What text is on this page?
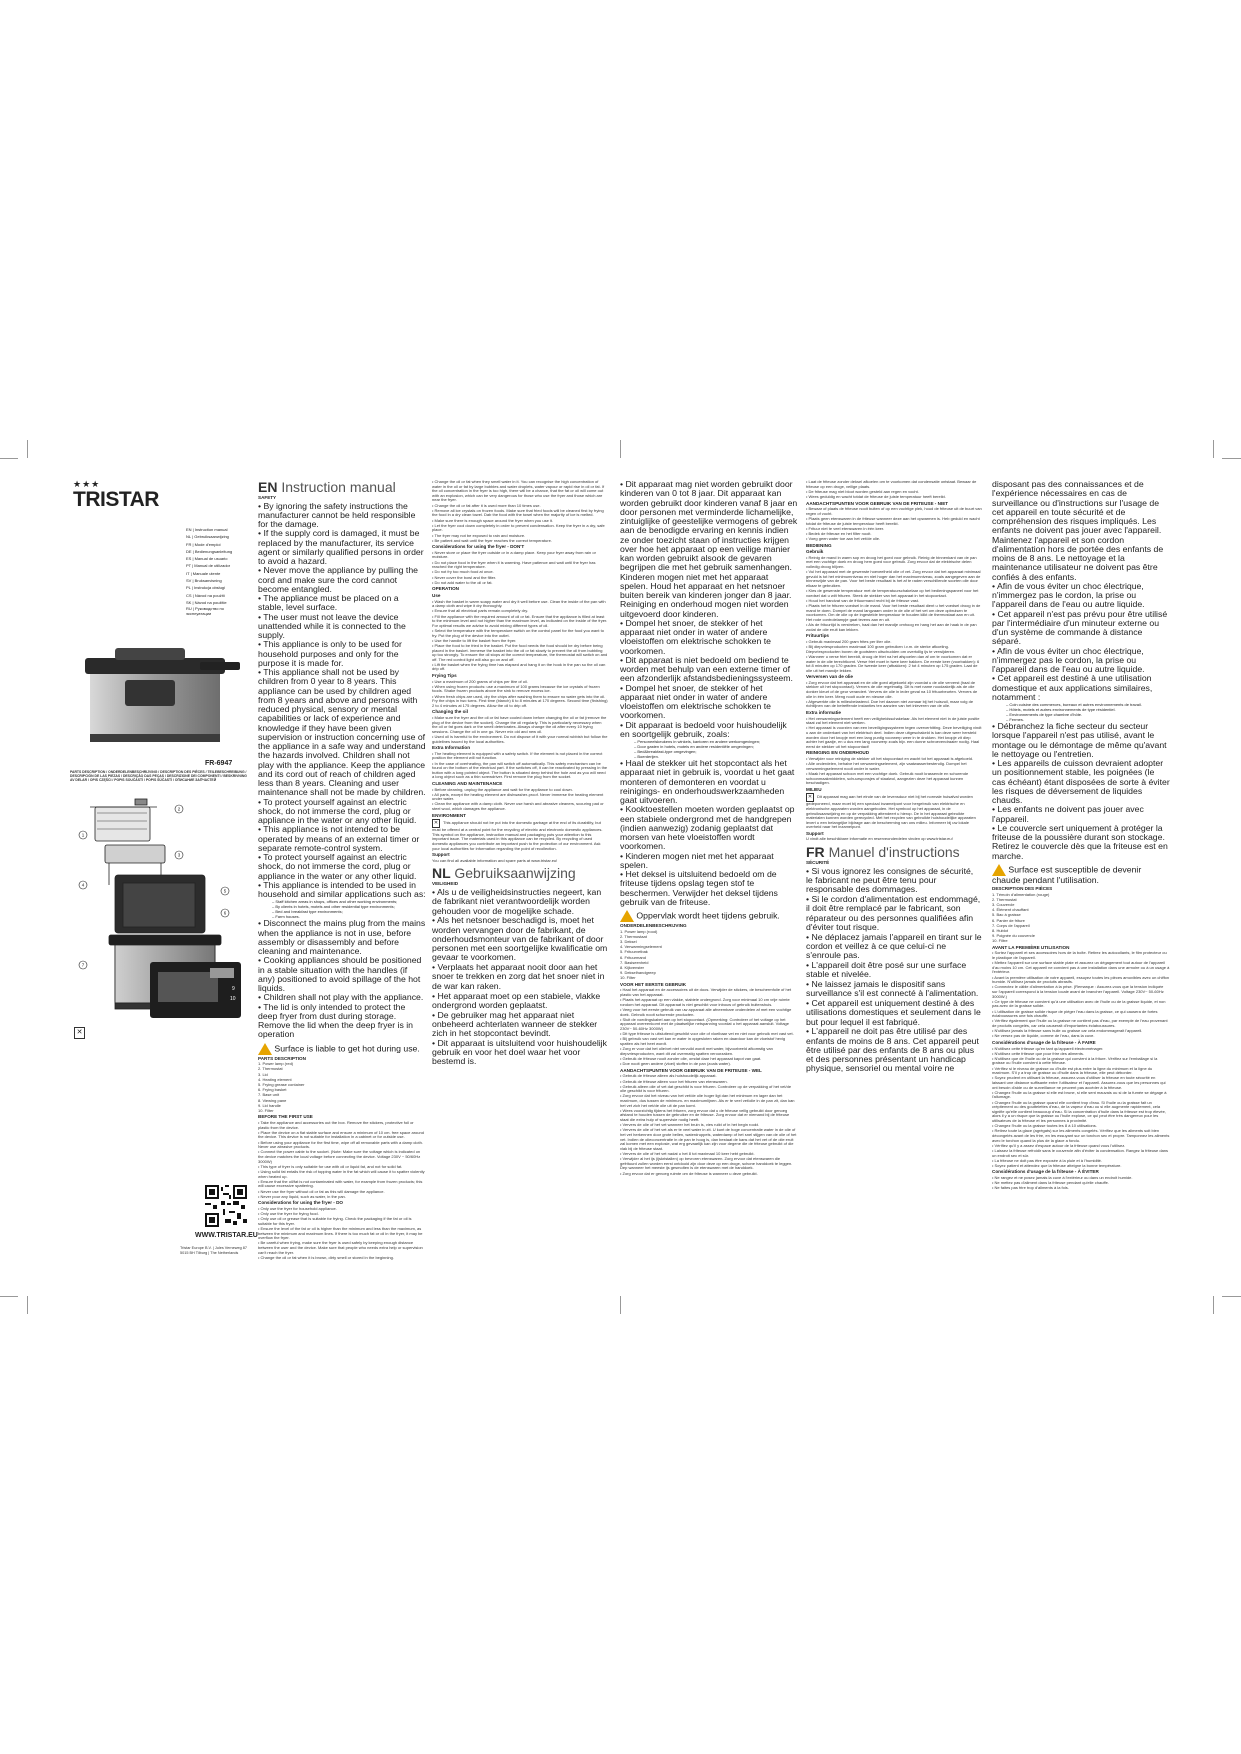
★★★
TRISTAR
EN | Instruction manual
NL | Gebruiksaanwijzing
FR | Mode d'emploi
DE | Bedienungsanleitung
ES | Manual de usuario
PT | Manual de utilizador
IT | Manuale utente
SV | Bruksanvisning
PL | Instrukcja obsługi
CS | Návod na použití
SK | Návod na použitie
RU | Руководство по эксплуатации
FR-6947
PARTS DESCRIPTION / ONDERDELENBESCHRIJVING / DESCRIPTION DES PIÈCES / TEILEBESCHREIBUNG / DESCRIPCIÓN DE LAS PIEZAS / DESCRIÇÃO DAS PEÇAS / DESCRIZIONE DEI COMPONENTI / BESKRIVNING AV DELAR / OPIS CZĘŚCI / POPIS SOUČÁSTÍ / POPIS SÚČASTÍ / ОПИСАНИЕ ЗАПЧАСТЕЙ
1
2
3
4
5
6
7
9
10
✕
WWW.TRISTAR.EU
Tristar Europe B.V. | Jules Verneweg 87 5015 BH Tilburg | The Netherlands
EN Instruction manual
SAFETY

• By ignoring the safety instructions the manufacturer cannot be held responsible for the damage.

• If the supply cord is damaged, it must be replaced by the manufacturer, its service agent or similarly qualified persons in order to avoid a hazard.

• Never move the appliance by pulling the cord and make sure the cord cannot become entangled.

• The appliance must be placed on a stable, level surface.

• The user must not leave the device unattended while it is connected to the supply.

• This appliance is only to be used for household purposes and only for the purpose it is made for.

• This appliance shall not be used by children from 0 year to 8 years. This appliance can be used by children aged from 8 years and above and persons with reduced physical, sensory or mental capabilities or lack of experience and knowledge if they have been given supervision or instruction concerning use of the appliance in a safe way and understand the hazards involved. Children shall not play with the appliance. Keep the appliance and its cord out of reach of children aged less than 8 years. Cleaning and user maintenance shall not be made by children.

• To protect yourself against an electric shock, do not immerse the cord, plug or appliance in the water or any other liquid.

• This appliance is not intended to be operated by means of an external timer or separate remote-control system.

• To protect yourself against an electric shock, do not immerse the cord, plug or appliance in the water or any other liquid.

• This appliance is intended to be used in household and similar applications such as:

– Staff kitchen areas in shops, offices and other working environments;

– By clients in hotels, motels and other residential type environments;

– Bed and breakfast type environments;

– Farm houses.

• Disconnect the mains plug from the mains when the appliance is not in use, before assembly or disassembly and before cleaning and maintenance.

• Cooking appliances should be positioned in a stable situation with the handles (if any) positioned to avoid spillage of the hot liquids.

• Children shall not play with the appliance.

• The lid is only intended to protect the deep fryer from dust during storage. Remove the lid when the deep fryer is in operation

Surface is liable to get hot during use.

PARTS DESCRIPTION

1. Power lamp (red)

2. Thermostat

3. Lid

4. Heating element

5. Frying grease container

6. Frying basket

7. Base unit

8. Viewing pane

9. Lid handle

10. Filter

BEFORE THE FIRST USE

• Take the appliance and accessories out the box. Remove the stickers, protective foil or plastic from the device.

• Place the device on a flat stable surface and ensure a minimum of 10 cm. free space around the device. This device is not suitable for installation in a cabinet or for outside use.

• Before using your appliance for the first time, wipe off all removable parts with a damp cloth. Never use abrasive products.

• Connect the power cable to the socket. (Note: Make sure the voltage which is indicated on the device matches the local voltage before connecting the device. Voltage 230V ~ 50/60Hz 3000W)

• This type of fryer is only suitable for use with oil or liquid fat, and not for solid fat.

• Using solid fat entails the risk of topping water in the fat which will cause it to spatter violently when heated up.

• Ensure that the oil/fat is not contaminated with water, for example from frozen products; this will cause excessive spattering.

• Never use the fryer without oil or fat as this will damage the appliance.

• Never pour any liquid, such as water, in the pan.

Considerations for using the fryer - DO

• Only use the fryer for household appliance.

• Only use the fryer for frying food.

• Only use oil or grease that is suitable for frying. Check the packaging if the fat or oil is suitable for this fryer.

• Ensure the level of the fat or oil is higher than the minimum and less than the maximum, as between the minimum and maximum lines. If there is too much fat or oil in the fryer, it may be overflow the fryer.

• Be careful when frying, make sure the fryer is used safely by keeping enough distance between the user and the device. Make sure that people who needs extra help or supervision can't reach the fryer.

• Change the oil or fat when it is brown, dirty smell or stored in the beginning.

• Change the oil or fat when they smell water in it. You can recognise the high concentration of water in the oil or fat by large bubbles and water droplets, water vapour or rapid rise in oil or fat. If the oil concentration in the fryer is too high, there will be a chance, that the fat or oil will come out with an explosion, which can be very dangerous for those who use the fryer and those which are near the fryer.

• Change the oil or fat after it is used more than 10 times use.

• Remove all ice crystals on frozen foods. Make sure that fried foods will be cleaned first by frying the food in a dry clean towel. Dab the food with the towel when the majority of ice is melted.

• Make sure there is enough space around the fryer when you use it.

• Let the fryer cool down completely in order to prevent condensation. Keep the fryer in a dry, safe place.

• The fryer may not be exposed to rain and moisture.

• Be patient and wait until the fryer reaches the correct temperature.

Considerations for using the fryer - DON'T

• Never store or place the fryer outside or in a damp place. Keep your fryer away from rain or moisture.

• Do not place food in the fryer when it is warming. Have patience and wait until the fryer has reached the right temperature.

• Do not fry too much food at once.

• Never cover the bowl and the filter.

• Do not add water to the oil or fat.

OPERATION
Use

• Wash the basket in warm soapy water and dry it well before use. Clean the inside of the pan with a damp cloth and wipe it dry thoroughly.

• Ensure that all electrical parts remain completely dry.

• Fill the appliance with the required amount of oil or fat. Ensure that the appliance is filled at least to the minimum level and not higher than the maximum level, as indicated on the inside of the fryer. For optimal results we advise to avoid mixing different types of oil.

• Select the temperature with the temperature switch on the control panel for the food you want to fry. Put the plug of the device into the outlet.

• Use the handle to lift the basket from the fryer.

• Place the food to be fried in the basket. Put the food needs the food should be dry before being placed in the basket. Immerse the basket into the oil or fat slowly to prevent the oil from bubbling up too strongly. To ensure the oil stops at the correct temperature, the thermostat will switch on and off. The red control light will also go on and off.

• Lift the basket when the frying time has elapsed and hang it on the hook in the pan so the oil can drip off.

Frying Tips

• Use a maximum of 200 grams of chips per litre of oil.

• When using frozen products: use a maximum of 100 grams because the ice crystals of frozen foods. Shake frozen products above the sink to remove excess ice.

• When fresh chips are used, dry the chips after washing them to ensure no water gets into the oil. Fry the chips in two turns. First time (blanch) 6 to 8 minutes at 170 degrees. Second time (finishing) 2 to 4 minutes at 175 degrees. Allow the oil to drip off.

Changing the oil

• Make sure the fryer and the oil or fat have cooled down before changing the oil or fat (remove the plug of the device from the socket). Change the oil regularly. This is particularly necessary when the oil or fat goes dark or the smell deteriorates. Always change the oil after every 10 frying sessions. Change the oil in one go. Never mix old and new oil.

• Used oil is harmful to the environment. Do not dispose of it with your normal rubbish but follow the guidelines issued by the local authorities.

Extra Information

• The heating element is equipped with a safety switch. If the element is not placed in the correct position the element will not function.

• In the case of overheating, the pan will switch off automatically. This safety mechanism can be found on the bottom of the electrical part. If the switches off, it can be reactivated by pressing in the button with a long pointed object. The button is situated deep behind the hole and as you will need a long object such as a thin screwdriver. First remove the plug from the socket.

CLEANING AND MAINTENANCE

• Before cleaning, unplug the appliance and wait for the appliance to cool down.

• All parts, except the heating element are dishwasher-proof. Never immerse the heating element under water.

• Clean the appliance with a damp cloth. Never use harsh and abrasive cleaners, scouring pad or steel wool, which damages the appliance.

ENVIRONMENT

✕ This appliance should not be put into the domestic garbage at the end of its durability, but must be offered at a central point for the recycling of electric and electronic domestic appliances. This symbol on the appliance, instruction manual and packaging puts your attention to this important issue. The materials used in this appliance can be recycled. By recycling of used domestic appliances you contribute an important push to the protection of our environment. Ask your local authorities for information regarding the point of recollection.

Support

You can find all available information and spare parts at www.tristar.eu!

NL Gebruiksaanwijzing
VEILIGHEID

• Als u de veiligheidsinstructies negeert, kan de fabrikant niet verantwoordelijk worden gehouden voor de mogelijke schade.

• Als het netsnoer beschadigd is, moet het worden vervangen door de fabrikant, de onderhoudsmonteur van de fabrikant of door personen met een soortgelijke kwalificatie om gevaar te voorkomen.

• Verplaats het apparaat nooit door aan het snoer te trekken en zorg dat het snoer niet in de war kan raken.

• Het apparaat moet op een stabiele, vlakke ondergrond worden geplaatst.

• De gebruiker mag het apparaat niet onbeheerd achterlaten wanneer de stekker zich in het stopcontact bevindt.

• Dit apparaat is uitsluitend voor huishoudelijk gebruik en voor het doel waar het voor bestemd is.

• Dit apparaat mag niet worden gebruikt door kinderen van 0 tot 8 jaar. Dit apparaat kan worden gebruikt door kinderen vanaf 8 jaar en door personen met verminderde lichamelijke, zintuiglijke of geestelijke vermogens of gebrek aan de benodigde ervaring en kennis indien ze onder toezicht staan of instructies krijgen over hoe het apparaat op een veilige manier kan worden gebruikt alsook de gevaren begrijpen die met het gebruik samenhangen. Kinderen mogen niet met het apparaat spelen. Houd het apparaat en het netsnoer buiten bereik van kinderen jonger dan 8 jaar. Reiniging en onderhoud mogen niet worden uitgevoerd door kinderen.

• Dompel het snoer, de stekker of het apparaat niet onder in water of andere vloeistoffen om elektrische schokken te voorkomen.

• Dit apparaat is niet bedoeld om bediend te worden met behulp van een externe timer of een afzonderlijk afstandsbedieningssysteem.

• Dompel het snoer, de stekker of het apparaat niet onder in water of andere vloeistoffen om elektrische schokken te voorkomen.

• Dit apparaat is bedoeld voor huishoudelijk en soortgelijk gebruik, zoals:

– Personeelskeukens in winkels, kantoren en andere werkomgevingen;

– Door gasten in hotels, motels en andere residentiële omgevingen;

– Bed&breakfast-type omgevingen;

– Boerderijen.

• Haal de stekker uit het stopcontact als het apparaat niet in gebruik is, voordat u het gaat monteren of demonteren en voordat u reinigings- en onderhoudswerkzaamheden gaat uitvoeren.

• Kooktoestellen moeten worden geplaatst op een stabiele ondergrond met de handgrepen (indien aanwezig) zodanig geplaatst dat morsen van hete vloeistoffen wordt voorkomen.

• Kinderen mogen niet met het apparaat spelen.

• Het deksel is uitsluitend bedoeld om de friteuse tijdens opslag tegen stof te beschermen. Verwijder het deksel tijdens gebruik van de friteuse.

Oppervlak wordt heet tijdens gebruik.

ONDERDELENBESCHRIJVING

1. Power lamp (rood)

2. Thermostaat

3. Deksel

4. Verwarmingselement

5. Frituurvetbak

6. Frituurmand

7. Basiseenheid

8. Kijkvenster

9. Dekselhandgreep

10. Filter

VOOR HET EERSTE GEBRUIK

• Haal het apparaat en de accessoires uit de doos. Verwijder de stickers, de beschermfolie of het plastic van het apparaat.

• Plaats het apparaat op een vlakke, stabiele ondergrond. Zorg voor minimaal 10 cm vrije ruimte rondom het apparaat. Dit apparaat is niet geschikt voor inbouw of gebruik buitenshuis.

• Veeg voor het eerste gebruik van uw apparaat alle afneembare onderdelen af met een vochtige doek. Gebruik nooit schurende producten.

• Sluit de voedingskabel aan op het stopcontact. (Opmerking: Controleer of het voltage op het apparaat overeenkomt met de plaatselijke netspanning voordat u het apparaat aansluit. Voltage 230V~ 50-60Hz 3000W)

• Dit type friteuse is uitsluitend geschikt voor olie of vloeibaar vet en niet voor gebruik met vast vet.

• Bij gebruik van vast vet kan er water in opgesloten raken en daardoor kan de vloeistof hevig spatten als het heet wordt.

• Zorg er voor dat het olie/vet niet vervuild wordt met water, bijvoorbeeld afkomstig van diepvriesproducten, want dit zal overmatig spatten veroorzaken.

• Gebruik de friteuse nooit zonder olie, omdat daar het apparaat kapot van gaat.

• Doe nooit geen andere (vloei) stoffen in de pan (zoals water).

AANDACHTSPUNTEN VOOR GEBRUIK VAN DE FRITEUSE - WEL

• Gebruik de friteuse alleen als huishoudelijk apparaat.

• Gebruik de friteuse alleen voor het frituren van etenswaren.

• Gebruik alleen olie of vet dat geschikt is voor frituren. Controleer op de verpakking of het vet/de olie geschikt is voor frituren.

• Zorg ervoor dat het niveau van het vet/de olie hoger ligt dan het minimum en lager dan het maximum, dus tussen de minimum- en maximumlijnen. Als er te veel vet/olie in de pan zit, dan kan het vet zich het vet/de olie uit de pan komt.

• Wees voorzichtig tijdens het frituren, zorg ervoor dat u de friteuse veilig gebruikt door genoeg afstand te houden tussen de gebruiker en de friteuse. Zorg ervoor dat er niemand bij de friteuse staat die extra hulp of supervisie nodig heeft.

• Ververs de olie of het vet wanneer het bruin is, vies ruikt of in het begin rookt.

• Ververs de olie of het vet als er te veel water in zit. U kunt de hoge concentratie water in de olie of het vet herkennen door grote bellen, waterdruppels, waterdamp of het snel stijgen van de olie of het vet. Indien de olieconcentratie in de pan te hoog is, dan bestaat de kans dat het vet of de olie eruit zal komen met een explosie, wat erg gevaarlijk kan zijn voor degene die de friteuse gebruikt of die vlak bij de friteuse staat.

• Ververs de olie of het vet nadat u het 8 tot maximaal 10 keer hebt gebruikt.

• Verwijder al het ijs (ijskristallen) op bevroren etenswaren. Zorg ervoor dat etenswaren die gefrituurd zullen worden eerst ontdooid zijn door deze op een droge, schone handdoek te leggen. Dep wanneer het meeste ijs gesmolten is de etenswaren met de handdoek.

• Zorg ervoor dat er genoeg ruimte om de friteuse is wanneer u deze gebruikt.

• Laat de friteuse zonder deksel afkoelen om te voorkomen dat condensatie ontstaat. Bewaar de friteuse op een droge, veilige plaats.

• De friteuse mag niet bloot worden gesteld aan regen en vocht.

• Wees geduldig en wacht totdat de friteuse de juiste temperatuur heeft bereikt.

AANDACHTSPUNTEN VOOR GEBRUIK VAN DE FRITEUSE - NIET

• Bewaar of plaats de friteuse nooit buiten of op een vochtige plek, houd de friteuse uit de buurt van regen of vocht.

• Plaats geen etenswaren in de friteuse wanneer deze aan het opwarmen is. Heb geduld en wacht totdat de friteuse de juiste temperatuur heeft bereikt.

• Frituur niet te veel etenswaren in één keer.

• Bedek de friteuse en het filter nooit.

• Voeg geen water toe aan het vet/de olie.

BEDIENING
Gebruik

• Reinig de mand in warm sop en droog het goed voor gebruik. Reinig de binnenkant van de pan met een vochtige doek en droog hem goed voor gebruik. Zorg ervoor dat de elektrische delen volledig droog blijven.

• Vul het apparaat met de gewenste hoeveelheid olie of vet. Zorg ervoor dat het apparaat minimaal gevuld is tot het minimumniveau en niet hoger dan het maximumniveau, zoals aangegeven aan de binnenzijde van de pan. Voor het beste resultaat is het af te raden verschillende soorten olie door elkaar te gebruiken.

• Kies de gewenste temperatuur met de temperatuurschakelaar op het bedieningspaneel voor het voedsel dat u wilt frituren. Steek de stekker van het apparaat in het stopcontact.

• Houd het handvat van de frituurmand recht bij de friteuse vast.

• Plaats het te frituren voedsel in de mand. Voor het beste resultaat dient u het voedsel droog in de mand te doen. Dompel de mand langzaam onder in de olie of het vet om deze opbruisen te voorkomen. Om de olie op de ingestelde temperatuur te houden klikt de thermostaat aan en uit. Het rode controlelampje gaat tevens aan en uit.

• Als de frituurtijd is verstreken, haal dan het mandje omhoog en hang het aan de haak in de pan zodat de olie eruit kan lekken.

Frituurtips

• Gebruik maximaal 200 gram frites per liter olie.

• Bij diepvriesproducten maximaal 100 gram gebruiken i.v.m. de sterke afkoeling. Diepvriesproducten boven de gootsteen uitschudden om overtollig ijs te verwijderen.

• Wanneer u verse friet bereidt, droog de friet na het afspoelen dan af om te voorkomen dat er water in de olie terechtkomt. Verse friet moet in twee keer bakken. De eerste keer (voorbakken): 6 tot 8 minuten op 170 graden. De tweede keer (afbakken): 2 tot 4 minuten op 175 graden. Laat de olie uit het mandje lekken.

Verversen van de olie

• Zorg ervoor dat het apparaat en de olie goed afgekoeld zijn voordat u de olie ververst (haal de stekker uit het stopcontact). Ververs de olie regelmatig. Dit is met name noodzakelijk als de olie donker kleurt of de geur verandert. Ververs de olie in ieder geval na 10 frituurbeurten. Ververs de olie in één keer. Meng nooit oude en nieuwe olie.

• Afgewerkte olie is milieubelastend. Doe het daarom niet zomaar bij het huisvuil, maar volg de richtlijnen van de betreffende instanties ten aanzien van het inleveren van de olie.

Extra informatie

• Het verwarmingselement heeft een veiligheidsschakelaar. Als het element niet in de juiste positie staat zal het element niet werken.

• Het apparaat is voorzien van een beveiligingssysteem tegen oververhitting. Deze beveiliging vindt u aan de onderkant van het elektrisch deel. Indien deze uitgeschakeld is kan deze weer hersteld worden door het knopje met een lang puntig voorwerp weer in te drukken. Het knopje zit diep achter het gaatje, en u dus een lang voorwerp zoals bijv. een dunne schroevendraaier nodig. Haal eerst de stekker uit het stopcontact!

REINIGING EN ONDERHOUD

• Verwijder voor reiniging de stekker uit het stopcontact en wacht tot het apparaat is afgekoeld.

• Alle onderdelen, behalve het verwarmingselement, zijn vaatwasserbestendig. Dompel het verwarmingselement nooit onder in water.

• Maak het apparaat schoon met een vochtige doek. Gebruik nooit krassende en schurende schoonmaakmiddelen, schuursponsjes of staalwol, aangezien deze het apparaat kunnen beschadigen.

MILIEU

✕ Dit apparaat mag aan het einde van de levensduur niet bij het normale huisafval worden gedeponeerd, maar moet bij een speciaal inzamelpunt voor hergebruik van elektrische en elektronische apparaten worden aangeboden. Het symbool op het apparaat, in de gebruiksaanwijzing en op de verpakking attendeert u hierop. De in het apparaat gebruikte materialen kunnen worden gerecycled. Met het recyclen van gebruikte huishoudelijke apparaten levert u een belangrijke bijdrage aan de bescherming van ons milieu. Informeer bij uw lokale overheid naar het inzamelpunt.

Support

U vindt alle beschikbare informatie en reserveonderdelen vinden op www.tristar.eu!

FR Manuel d'instructions
SÉCURITÉ

• Si vous ignorez les consignes de sécurité, le fabricant ne peut être tenu pour responsable des dommages.

• Si le cordon d'alimentation est endommagé, il doit être remplacé par le fabricant, son réparateur ou des personnes qualifiées afin d'éviter tout risque.

• Ne déplacez jamais l'appareil en tirant sur le cordon et veillez à ce que celui-ci ne s'enroule pas.

• L'appareil doit être posé sur une surface stable et nivelée.

• Ne laissez jamais le dispositif sans surveillance s'il est connecté à l'alimentation.

• Cet appareil est uniquement destiné à des utilisations domestiques et seulement dans le but pour lequel il est fabriqué.

• L'appareil ne doit pas être utilisé par des enfants de moins de 8 ans. Cet appareil peut être utilisé par des enfants de 8 ans ou plus et des personnes présentant un handicap physique, sensoriel ou mental voire ne

disposant pas des connaissances et de l'expérience nécessaires en cas de surveillance ou d'instructions sur l'usage de cet appareil en toute sécurité et de compréhension des risques impliqués. Les enfants ne doivent pas jouer avec l'appareil. Maintenez l'appareil et son cordon d'alimentation hors de portée des enfants de moins de 8 ans. Le nettoyage et la maintenance utilisateur ne doivent pas être confiés à des enfants.

• Afin de vous éviter un choc électrique, n'immergez pas le cordon, la prise ou l'appareil dans de l'eau ou autre liquide.

• Cet appareil n'est pas prévu pour être utilisé par l'intermédiaire d'un minuteur externe ou d'un système de commande à distance séparé.

• Afin de vous éviter un choc électrique, n'immergez pas le cordon, la prise ou l'appareil dans de l'eau ou autre liquide.

• Cet appareil est destiné à une utilisation domestique et aux applications similaires, notamment :

– Coin cuisine des commerces, bureaux et autres environnements de travail.

– Hôtels, motels et autres environnements de type résidentiel.

– Environnements de type chambre d'hôte.

– Fermes.

• Débranchez la fiche secteur du secteur lorsque l'appareil n'est pas utilisé, avant le montage ou le démontage de même qu'avant le nettoyage ou l'entretien.

• Les appareils de cuisson devraient adopter un positionnement stable, les poignées (le cas échéant) étant disposées de sorte à éviter les risques de déversement de liquides chauds.

• Les enfants ne doivent pas jouer avec l'appareil.

• Le couvercle sert uniquement à protéger la friteuse de la poussière durant son stockage. Retirez le couvercle dès que la friteuse est en marche.

Surface est susceptible de devenir chaude pendant l'utilisation.

DESCRIPTION DES PIÈCES

1. Témoin d'alimentation (rouge)

2. Thermostat

3. Couvercle

4. Élément chauffant

5. Bac à graisse

6. Panier de friture

7. Corps de l'appareil

8. Hublot

9. Poignée du couvercle

10. Filtre

AVANT LA PREMIÈRE UTILISATION

• Sortez l'appareil et ses accessoires hors de la boîte. Retirez les autocollants, le film protecteur ou le plastique de l'appareil.

• Mettez l'appareil sur une surface stable plate et assurez un dégagement tout autour de l'appareil d'au moins 10 cm. Cet appareil ne convient pas à une installation dans une armoire ou à un usage à l'extérieur.

• Avant la première utilisation de votre appareil, essuyez toutes les pièces amovibles avec un chiffon humide. N'utilisez jamais de produits abrasifs.

• Connectez le câble d'alimentation à la prise. (Remarque : Assurez-vous que la tension indiquée sur l'appareil correspond à la tension locale avant de brancher l'appareil. Voltage 230V~ 50-60Hz 3000W.)

• Ce type de friteuse ne convient qu'à une utilisation avec de l'huile ou de la graisse liquide, et non pas avec de la graisse solide.

• L'utilisation de graisse solide risque de piéger l'eau dans la graisse, ce qui causera de fortes éclaboussures une fois chauffé.

• Vérifiez également que l'huile ou la graisse ne contient pas d'eau, par exemple de l'eau provenant de produits congelés, car cela causerait d'importantes éclaboussures.

• N'utilisez jamais la friteuse sans huile ou graisse car cela endommagerait l'appareil.

• Ne versez pas de liquide, comme de l'eau, dans la cuve.

Considérations d'usage de la friteuse - À FAIRE

• N'utilisez cette friteuse qu'en tant qu'appareil électroménager.

• N'utilisez cette friteuse que pour frire des aliments.

• N'utilisez que de l'huile ou de la graisse qui convient à la friture. Vérifiez sur l'emballage si la graisse ou l'huile convient à cette friteuse.

• Vérifiez si le niveau de graisse ou d'huile est plus entre la ligne du minimum et la ligne du maximum. S'il y a trop de graisse ou d'huile dans la friteuse, elle peut déborder.

• Soyez prudent en utilisant la friteuse, assurez-vous d'utiliser la friteuse en toute sécurité en laissant une distance suffisante entre l'utilisateur et l'appareil. Assurez-vous que les personnes qui ont besoin d'aide ou de surveillance ne peuvent pas accéder à la friteuse.

• Changez l'huile ou la graisse si elle est brune, si elle sent mauvais ou si de la fumée se dégage à l'allumage.

• Changez l'huile ou la graisse quand elle contient trop d'eau. Si l'huile ou la graisse fait un crépitement ou des gouttelettes d'eau, de la vapeur d'eau ou si elle augmente rapidement, cela signifie qu'elle contient beaucoup d'eau. Si la concentration d'huile dans la friteuse est trop élevée, alors il y a un risque que la graisse ou l'huile explose, ce qui peut être très dangereux pour les utilisateurs de la friteuse et les personnes à proximité.

• Changez l'huile ou la graisse toutes les 8 à 10 utilisations.

• Retirez toute la glace (agrégats) sur les aliments congelés. Vérifiez que les aliments soit bien décongelés avant de les frire, en les essuyant sur un torchon sec et propre. Tamponnez les aliments avec le torchon quand la plus de la glace a fondu.

• Vérifiez qu'il y a assez d'espace autour de la friteuse quand vous l'utilisez.

• Laissez la friteuse refroidir sans le couvercle afin d'éviter la condensation. Rangez la friteuse dans un endroit sec et sûr.

• La friteuse ne doit pas être exposée à la pluie et à l'humidité.

• Soyez patient et attendez que la friteuse atteigne la bonne température.

Considérations d'usage de la friteuse - À ÉVITER

• Ne rangez et ne posez jamais la cuve à l'extérieur ou dans un endroit humide.

• Ne mettez pas d'aliment dans la friteuse pendant qu'elle chauffe.

• Ne faites pas frire trop d'aliments à la fois.
